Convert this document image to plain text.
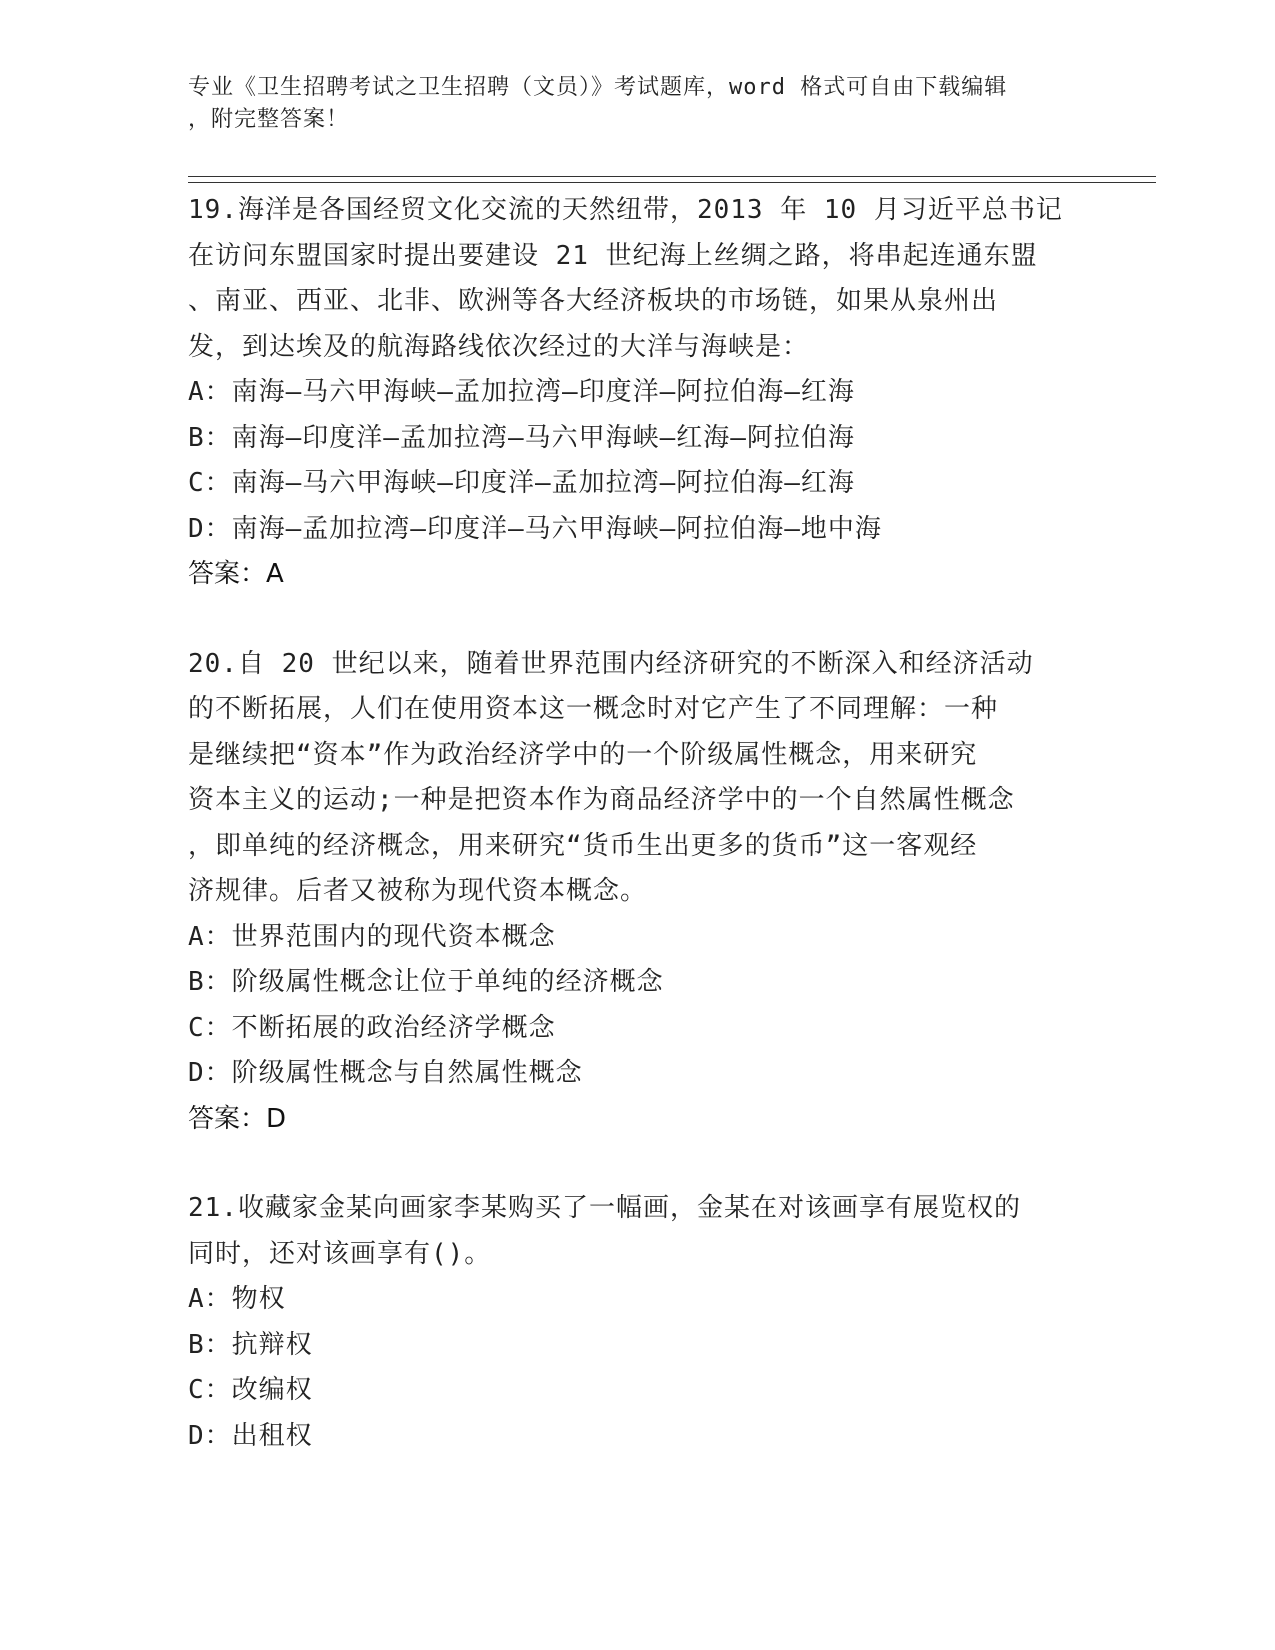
专业《卫生招聘考试之卫生招聘（文员）》考试题库，word 格式可自由下载编辑
，附完整答案！
19.海洋是各国经贸文化交流的天然纽带，2013 年 10 月习近平总书记
在访问东盟国家时提出要建设 21 世纪海上丝绸之路，将串起连通东盟
、南亚、西亚、北非、欧洲等各大经济板块的市场链，如果从泉州出
发，到达埃及的航海路线依次经过的大洋与海峡是：
A：南海—马六甲海峡—孟加拉湾—印度洋—阿拉伯海—红海
B：南海—印度洋—孟加拉湾—马六甲海峡—红海—阿拉伯海
C：南海—马六甲海峡—印度洋—孟加拉湾—阿拉伯海—红海
D：南海—孟加拉湾—印度洋—马六甲海峡—阿拉伯海—地中海
答案：A
20.自 20 世纪以来，随着世界范围内经济研究的不断深入和经济活动
的不断拓展，人们在使用资本这一概念时对它产生了不同理解：一种
是继续把“资本”作为政治经济学中的一个阶级属性概念，用来研究
资本主义的运动;一种是把资本作为商品经济学中的一个自然属性概念
，即单纯的经济概念，用来研究“货币生出更多的货币”这一客观经
济规律。后者又被称为现代资本概念。
A：世界范围内的现代资本概念
B：阶级属性概念让位于单纯的经济概念
C：不断拓展的政治经济学概念
D：阶级属性概念与自然属性概念
答案：D
21.收藏家金某向画家李某购买了一幅画，金某在对该画享有展览权的
同时，还对该画享有()。
A：物权
B：抗辩权
C：改编权
D：出租权
